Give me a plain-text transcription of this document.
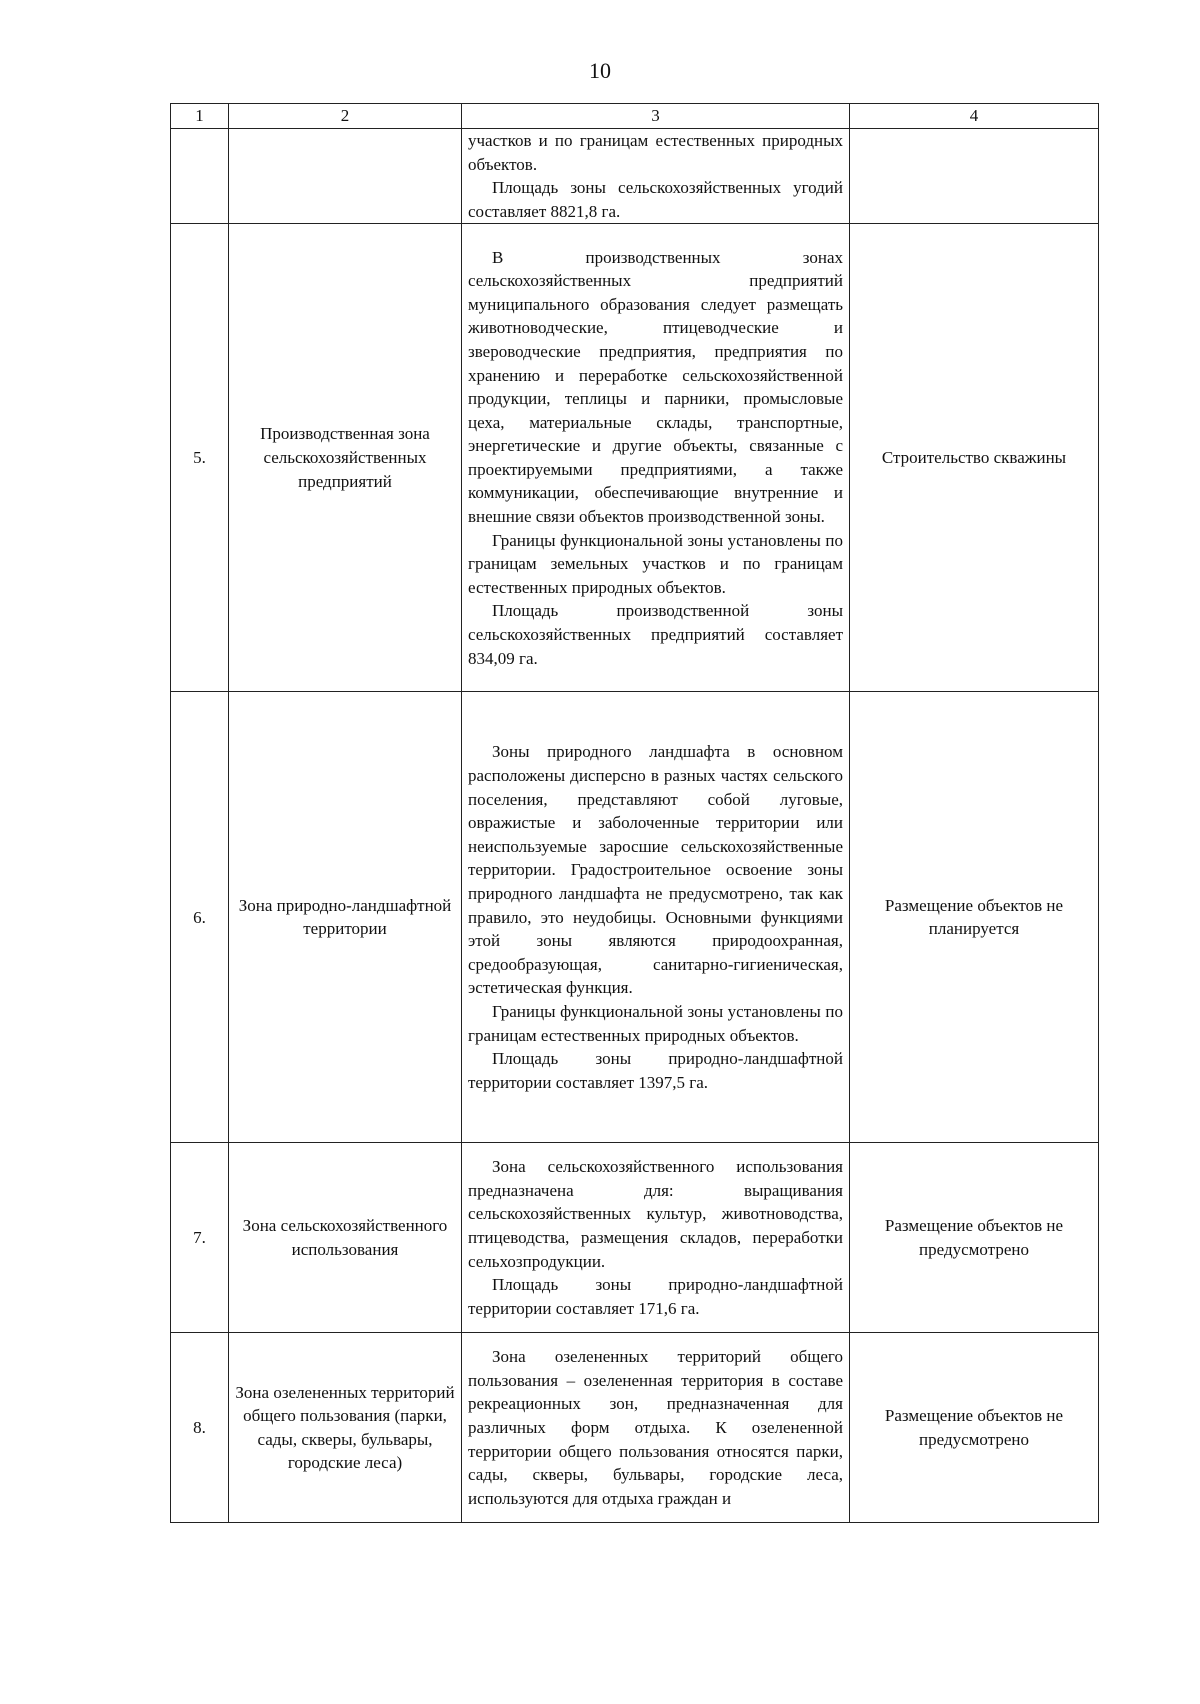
10
1	2	3	4

		участков и по границам естественных природных объектов.

Площадь зоны сельскохозяйственных угодий составляет 8821,8 га.	

5.	Производственная зона сельскохозяйственных предприятий	В производственных зонах сельскохозяйственных предприятий муниципального образования следует размещать животноводческие, птицеводческие и звероводческие предприятия, предприятия по хранению и переработке сельскохозяйственной продукции, теплицы и парники, промысловые цеха, материальные склады, транспортные, энергетические и другие объекты, связанные с проектируемыми предприятиями, а также коммуникации, обеспечивающие внутренние и внешние связи объектов производственной зоны.

Границы функциональной зоны установлены по границам земельных участков и по границам естественных природных объектов.

Площадь производственной зоны сельскохозяйственных предприятий составляет 834,09 га.	Строительство скважины
6.	Зона природно-ландшафтной территории	Зоны природного ландшафта в основном расположены дисперсно в разных частях сельского поселения, представляют собой луговые, овражистые и заболоченные территории или неиспользуемые заросшие сельскохозяйственные территории. Градостроительное освоение зоны природного ландшафта не предусмотрено, так как правило, это неудобицы. Основными функциями этой зоны являются природоохранная, средообразующая, санитарно-гигиеническая, эстетическая функция.

Границы функциональной зоны установлены по границам естественных природных объектов.

Площадь зоны природно-ландшафтной территории составляет 1397,5 га.	Размещение объектов не планируется
7.	Зона сельскохозяйственного использования	Зона сельскохозяйственного использования предназначена для: выращивания сельскохозяйственных культур, животноводства, птицеводства, размещения складов, переработки сельхозпродукции.

Площадь зоны природно-ландшафтной территории составляет 171,6 га.	Размещение объектов не предусмотрено
8.	Зона озелененных территорий общего пользования (парки, сады, скверы, бульвары, городские леса)	Зона озелененных территорий общего пользования – озелененная территория в составе рекреационных зон, предназначенная для различных форм отдыха. К озелененной территории общего пользования относятся парки, сады, скверы, бульвары, городские леса, используются для отдыха граждан и	Размещение объектов не предусмотрено
